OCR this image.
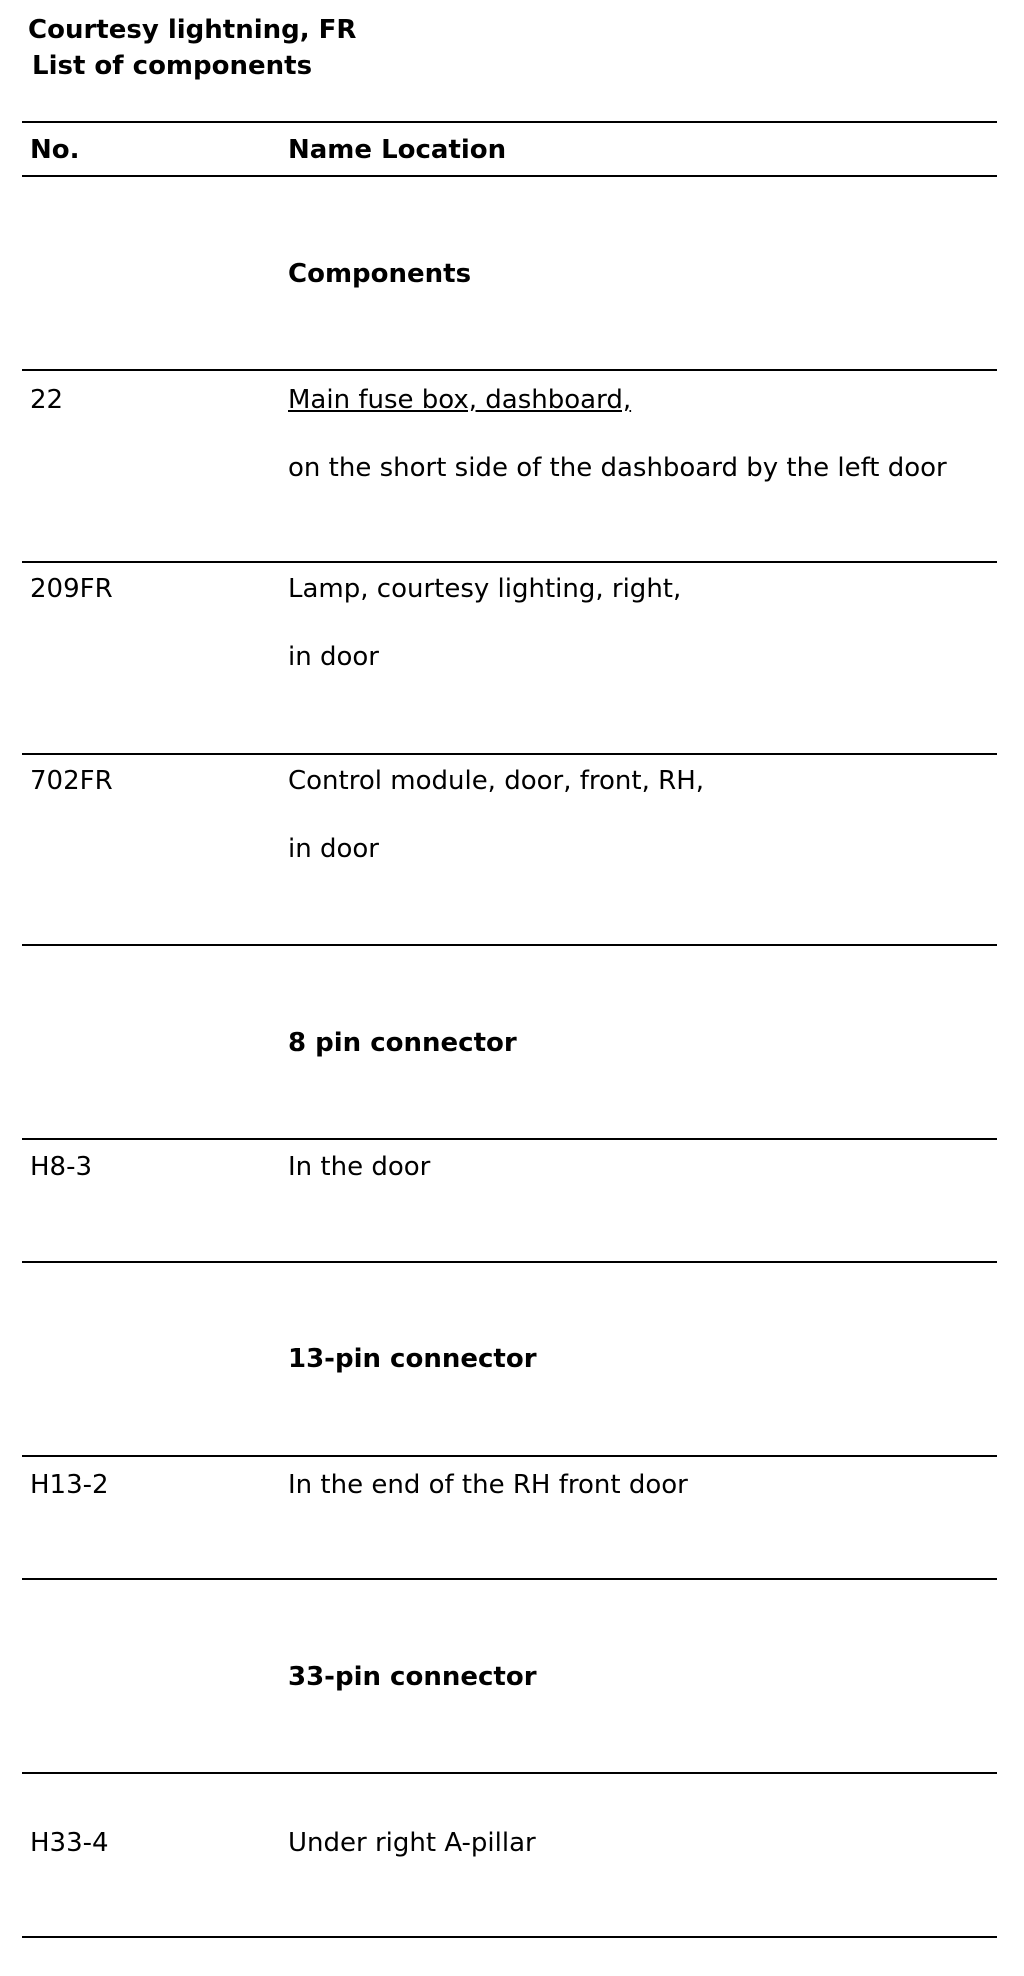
Courtesy lightning, FR
List of components
No.	Name Location
Components
22	Main fuse box, dashboard,
on the short side of the dashboard by the left door
209FR	Lamp, courtesy lighting, right,
in door
702FR	Control module, door, front, RH,
in door
8 pin connector
H8-3	In the door
13-pin connector
H13-2	In the end of the RH front door
33-pin connector
H33-4	Under right A-pillar
